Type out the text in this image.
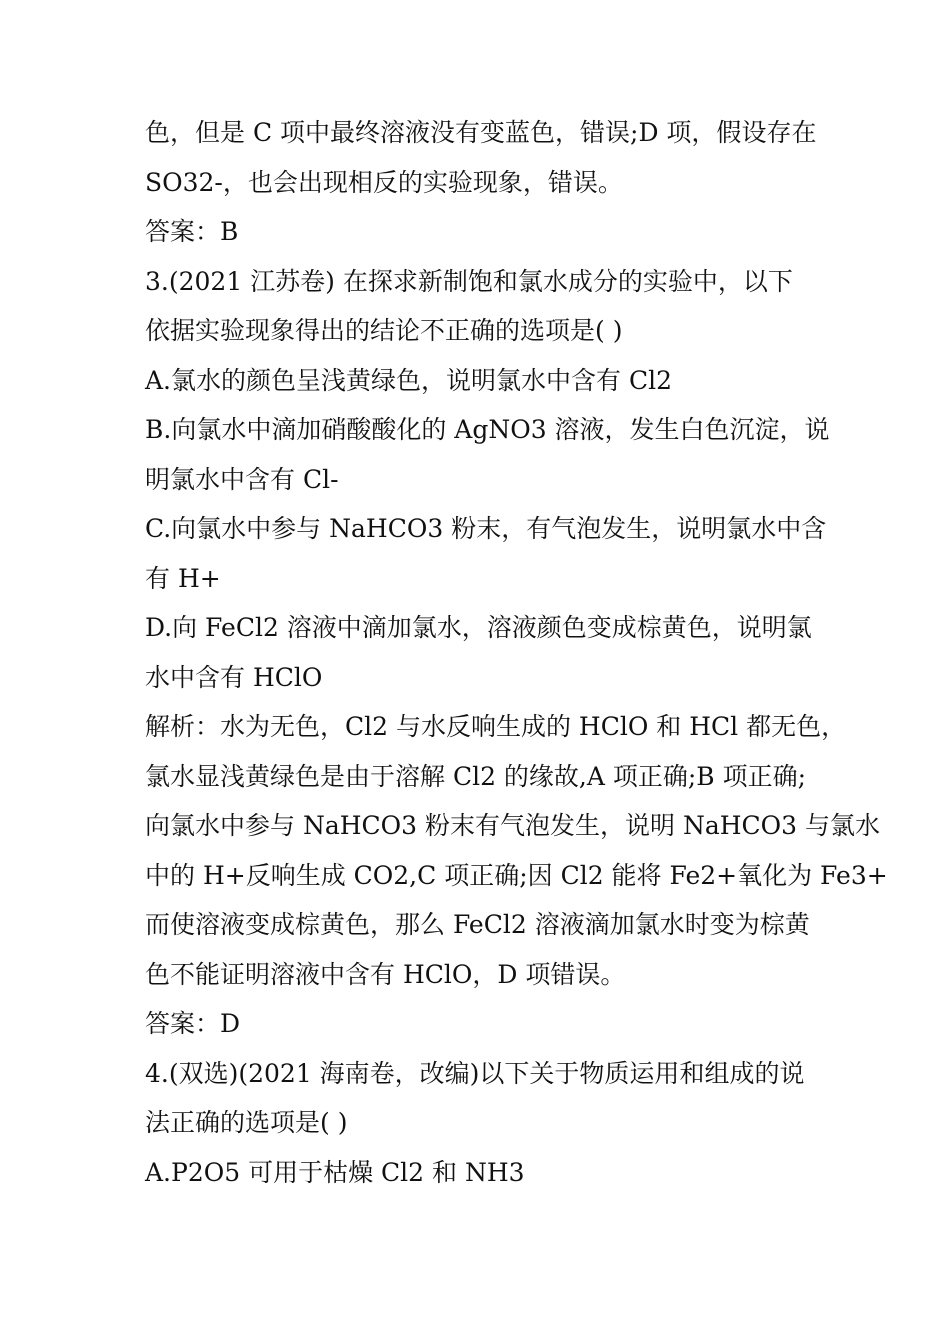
色，但是 C 项中最终溶液没有变蓝色，错误;D 项，假设存在
SO32-，也会出现相反的实验现象，错误。
答案：B
3.(2021 江苏卷) 在探求新制饱和氯水成分的实验中，以下
依据实验现象得出的结论不正确的选项是( )
A.氯水的颜色呈浅黄绿色，说明氯水中含有 Cl2
B.向氯水中滴加硝酸酸化的 AgNO3 溶液，发生白色沉淀，说
明氯水中含有 Cl-
C.向氯水中参与 NaHCO3 粉末，有气泡发生，说明氯水中含
有 H+
D.向 FeCl2 溶液中滴加氯水，溶液颜色变成棕黄色，说明氯
水中含有 HClO
解析：水为无色，Cl2 与水反响生成的 HClO 和 HCl 都无色，
氯水显浅黄绿色是由于溶解 Cl2 的缘故,A 项正确;B 项正确;
向氯水中参与 NaHCO3 粉末有气泡发生，说明 NaHCO3 与氯水
中的 H+反响生成 CO2,C 项正确;因 Cl2 能将 Fe2+氧化为 Fe3+
而使溶液变成棕黄色，那么 FeCl2 溶液滴加氯水时变为棕黄
色不能证明溶液中含有 HClO，D 项错误。
答案：D
4.(双选)(2021 海南卷，改编)以下关于物质运用和组成的说
法正确的选项是( )
A.P2O5 可用于枯燥 Cl2 和 NH3
